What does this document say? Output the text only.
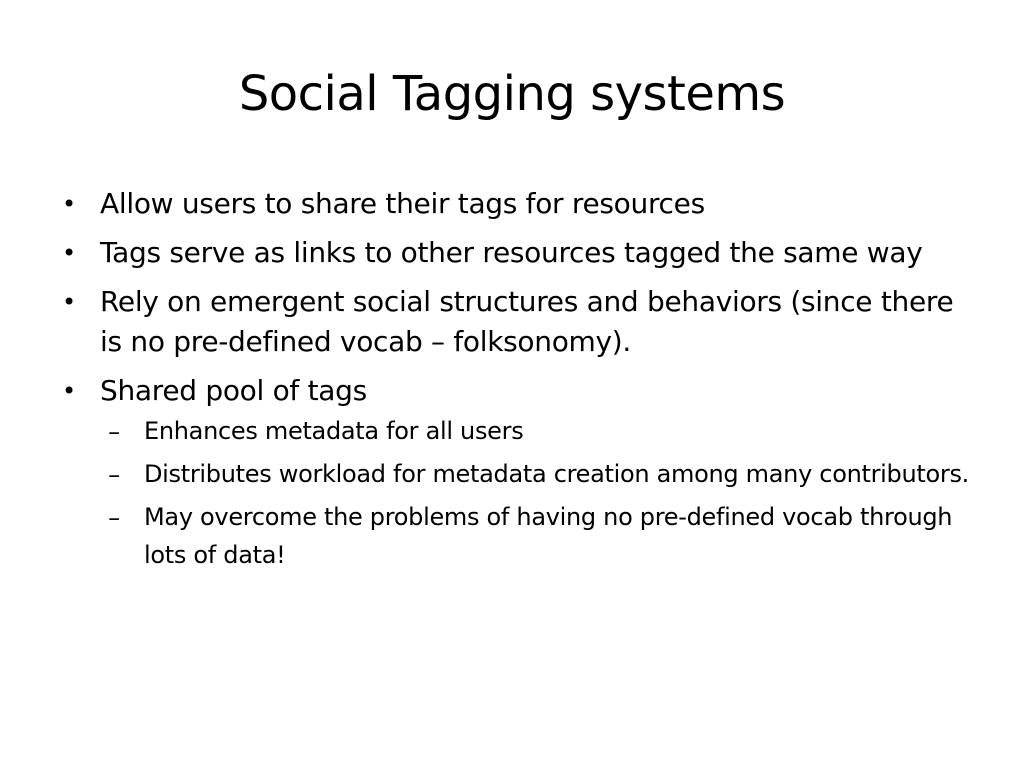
Social Tagging systems
• Allow users to share their tags for resources
• Tags serve as links to other resources tagged the same way
• Rely on emergent social structures and behaviors (since there is no pre-defined vocab – folksonomy).
• Shared pool of tags
–	Enhances metadata for all users
–	Distributes workload for metadata creation among many contributors.
–	May overcome the problems of having no pre-defined vocab through lots of data!
